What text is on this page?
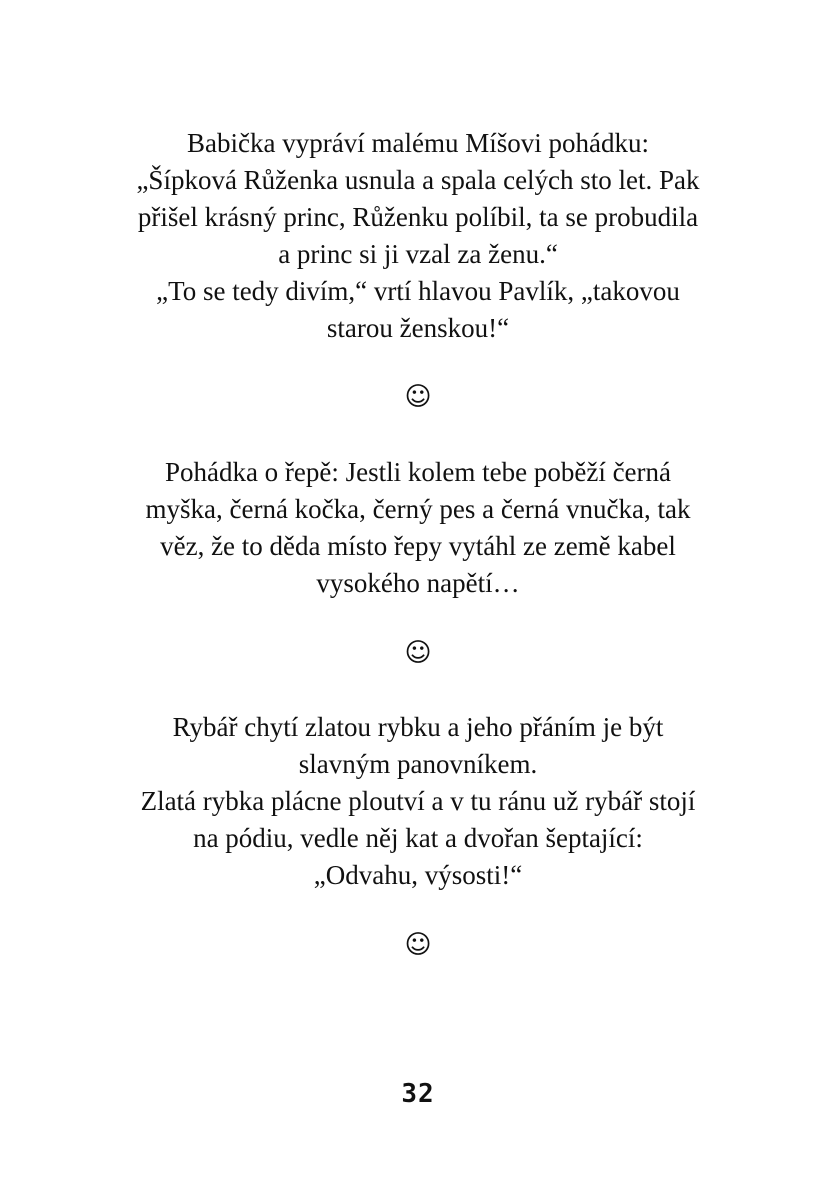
Babička vypráví malému Míšovi pohádku:
„Šípková Růženka usnula a spala celých sto let. Pak
přišel krásný princ, Růženku políbil, ta se probudila
a princ si ji vzal za ženu.“
„To se tedy divím,“ vrtí hlavou Pavlík, „takovou
starou ženskou!“
☺
Pohádka o řepě: Jestli kolem tebe poběží černá
myška, černá kočka, černý pes a černá vnučka, tak
věz, že to děda místo řepy vytáhl ze země kabel
vysokého napětí…
☺
Rybář chytí zlatou rybku a jeho přáním je být
slavným panovníkem.
Zlatá rybka plácne ploutví a v tu ránu už rybář stojí
na pódiu, vedle něj kat a dvořan šeptající:
„Odvahu, výsosti!“
☺
32
